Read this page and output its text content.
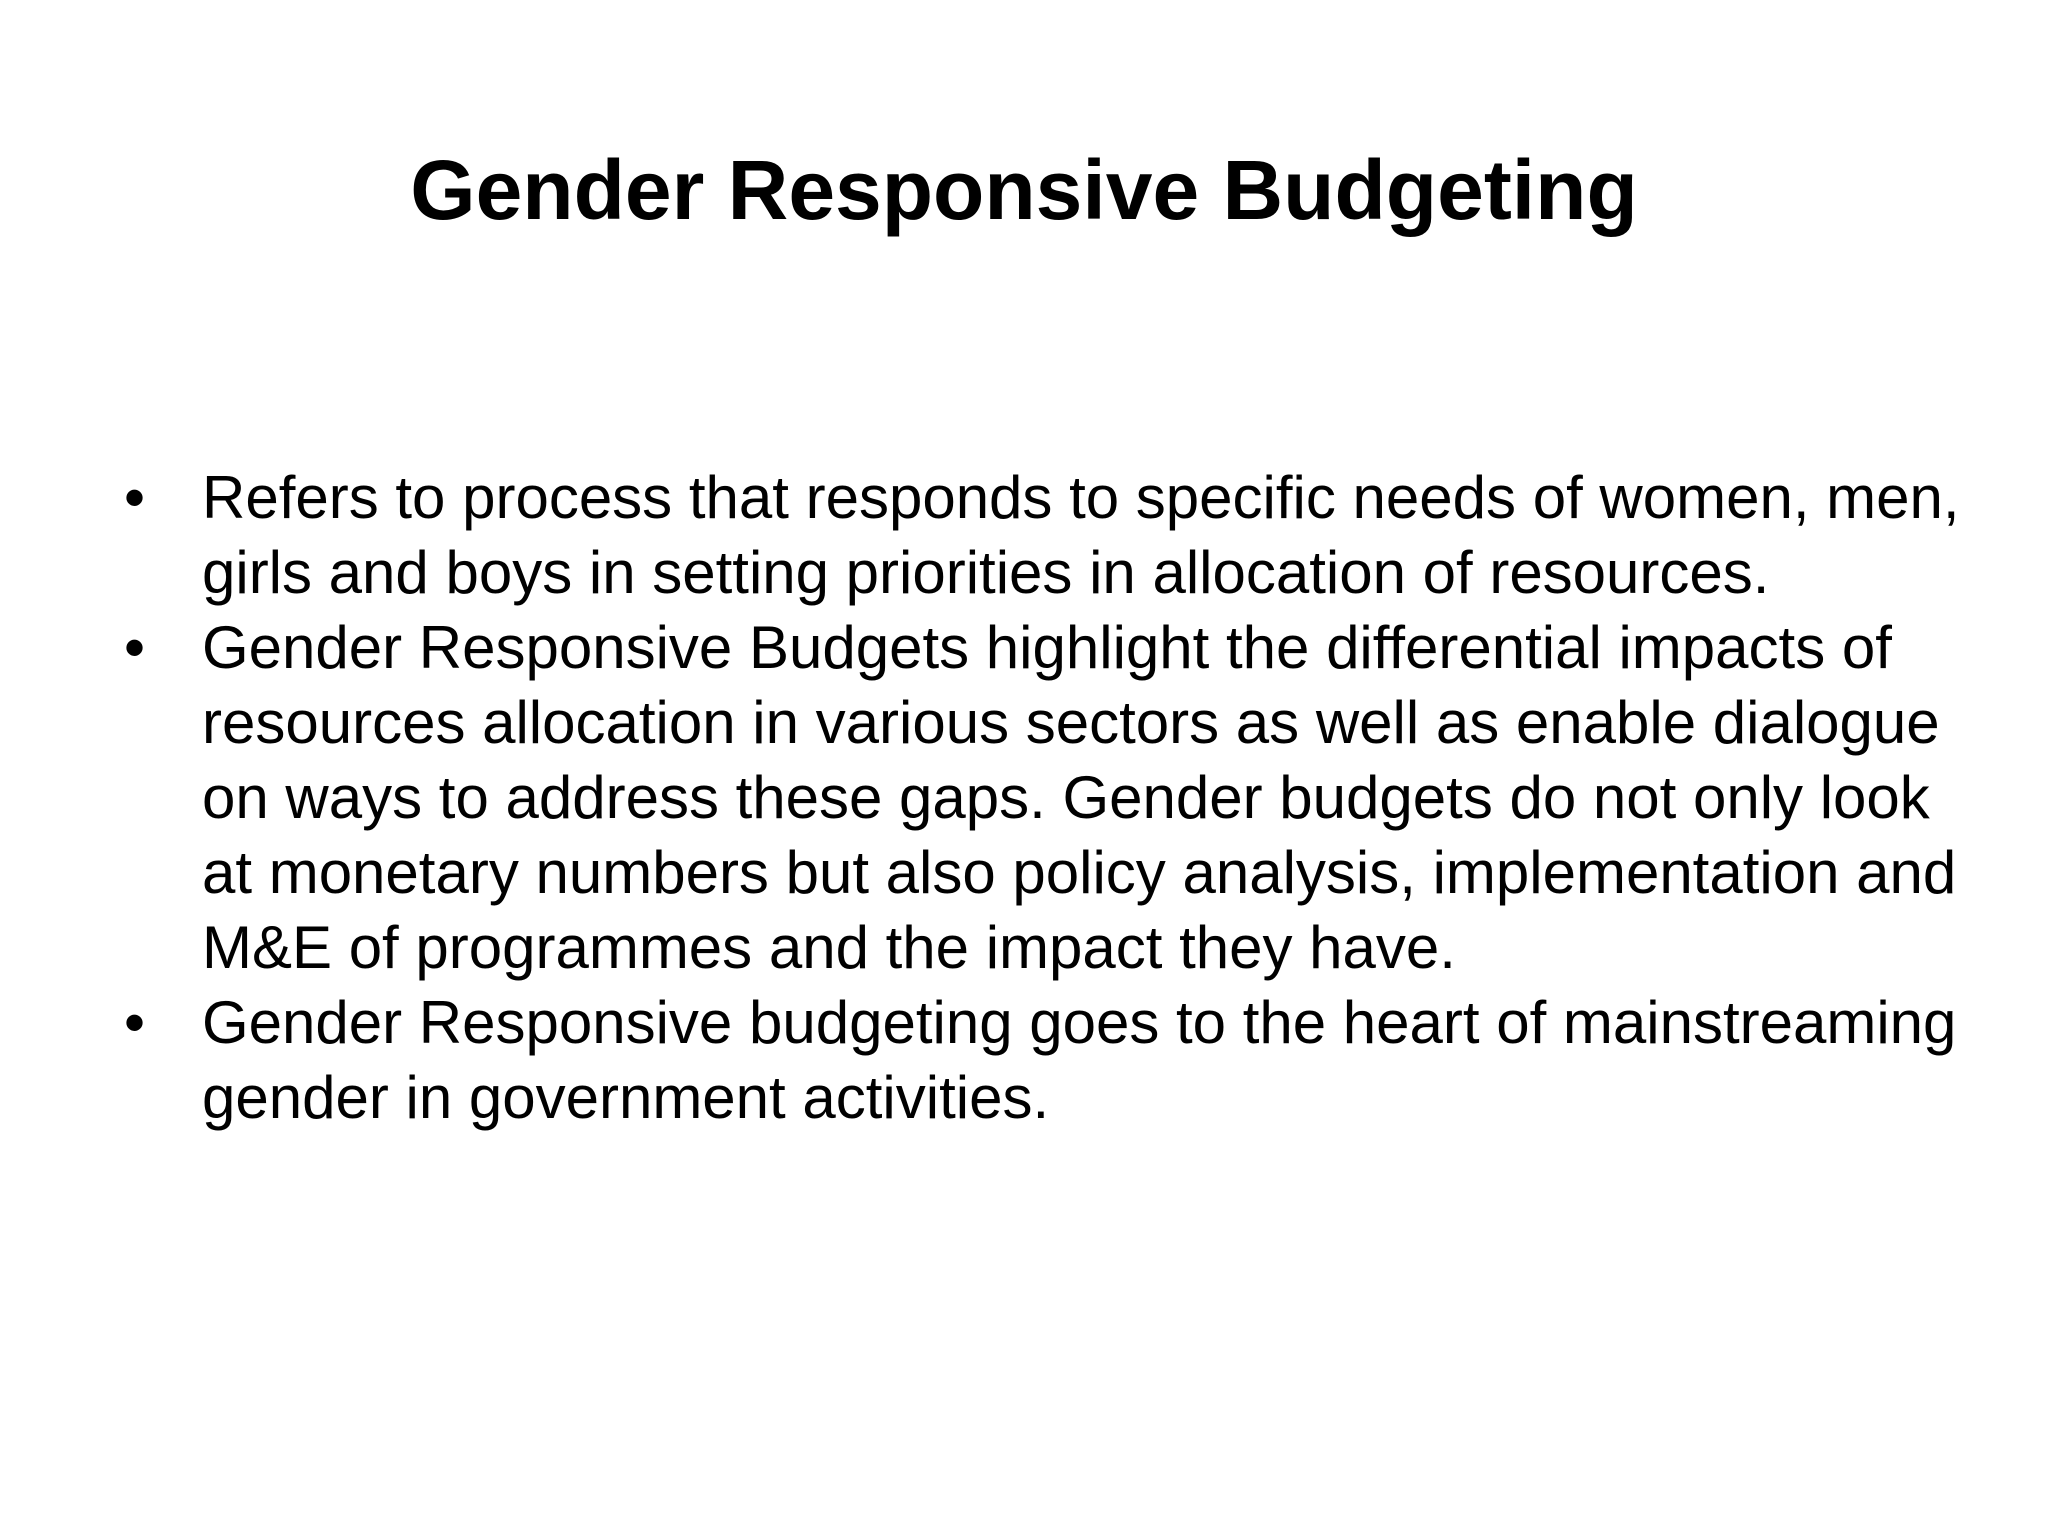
Gender Responsive Budgeting
• Refers to process that responds to specific needs of women, men, girls and boys in setting priorities in allocation of resources.
• Gender Responsive Budgets highlight the differential impacts of resources allocation in various sectors as well as enable dialogue on ways to address these gaps. Gender budgets do not only look at monetary numbers but also policy analysis, implementation and M&E of programmes and the impact they have.
• Gender Responsive budgeting goes to the heart of mainstreaming gender in government activities.
